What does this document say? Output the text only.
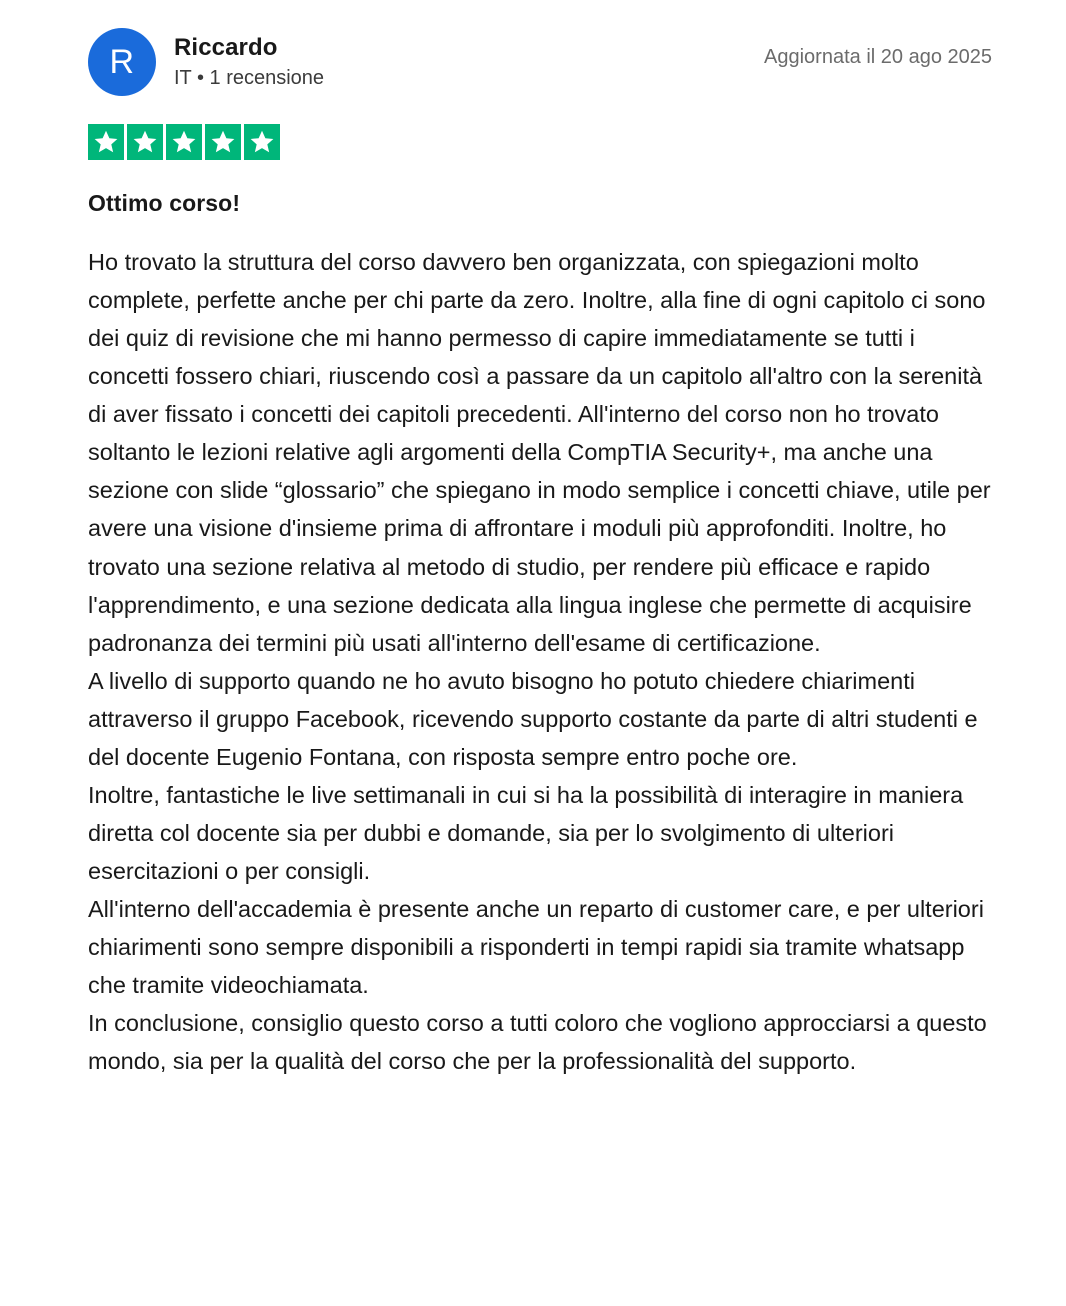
R Riccardo
IT • 1 recensione
Aggiornata il 20 ago 2025
Ottimo corso!

Ho trovato la struttura del corso davvero ben organizzata, con spiegazioni molto complete, perfette anche per chi parte da zero. Inoltre, alla fine di ogni capitolo ci sono dei quiz di revisione che mi hanno permesso di capire immediatamente se tutti i concetti fossero chiari, riuscendo così a passare da un capitolo all'altro con la serenità di aver fissato i concetti dei capitoli precedenti. All'interno del corso non ho trovato soltanto le lezioni relative agli argomenti della CompTIA Security+, ma anche una sezione con slide “glossario” che spiegano in modo semplice i concetti chiave, utile per avere una visione d'insieme prima di affrontare i moduli più approfonditi. Inoltre, ho trovato una sezione relativa al metodo di studio, per rendere più efficace e rapido l'apprendimento, e una sezione dedicata alla lingua inglese che permette di acquisire padronanza dei termini più usati all'interno dell'esame di certificazione.

A livello di supporto quando ne ho avuto bisogno ho potuto chiedere chiarimenti attraverso il gruppo Facebook, ricevendo supporto costante da parte di altri studenti e del docente Eugenio Fontana, con risposta sempre entro poche ore.

Inoltre, fantastiche le live settimanali in cui si ha la possibilità di interagire in maniera diretta col docente sia per dubbi e domande, sia per lo svolgimento di ulteriori esercitazioni o per consigli.

All'interno dell'accademia è presente anche un reparto di customer care, e per ulteriori chiarimenti sono sempre disponibili a risponderti in tempi rapidi sia tramite whatsapp che tramite videochiamata.

In conclusione, consiglio questo corso a tutti coloro che vogliono approcciarsi a questo mondo, sia per la qualità del corso che per la professionalità del supporto.
